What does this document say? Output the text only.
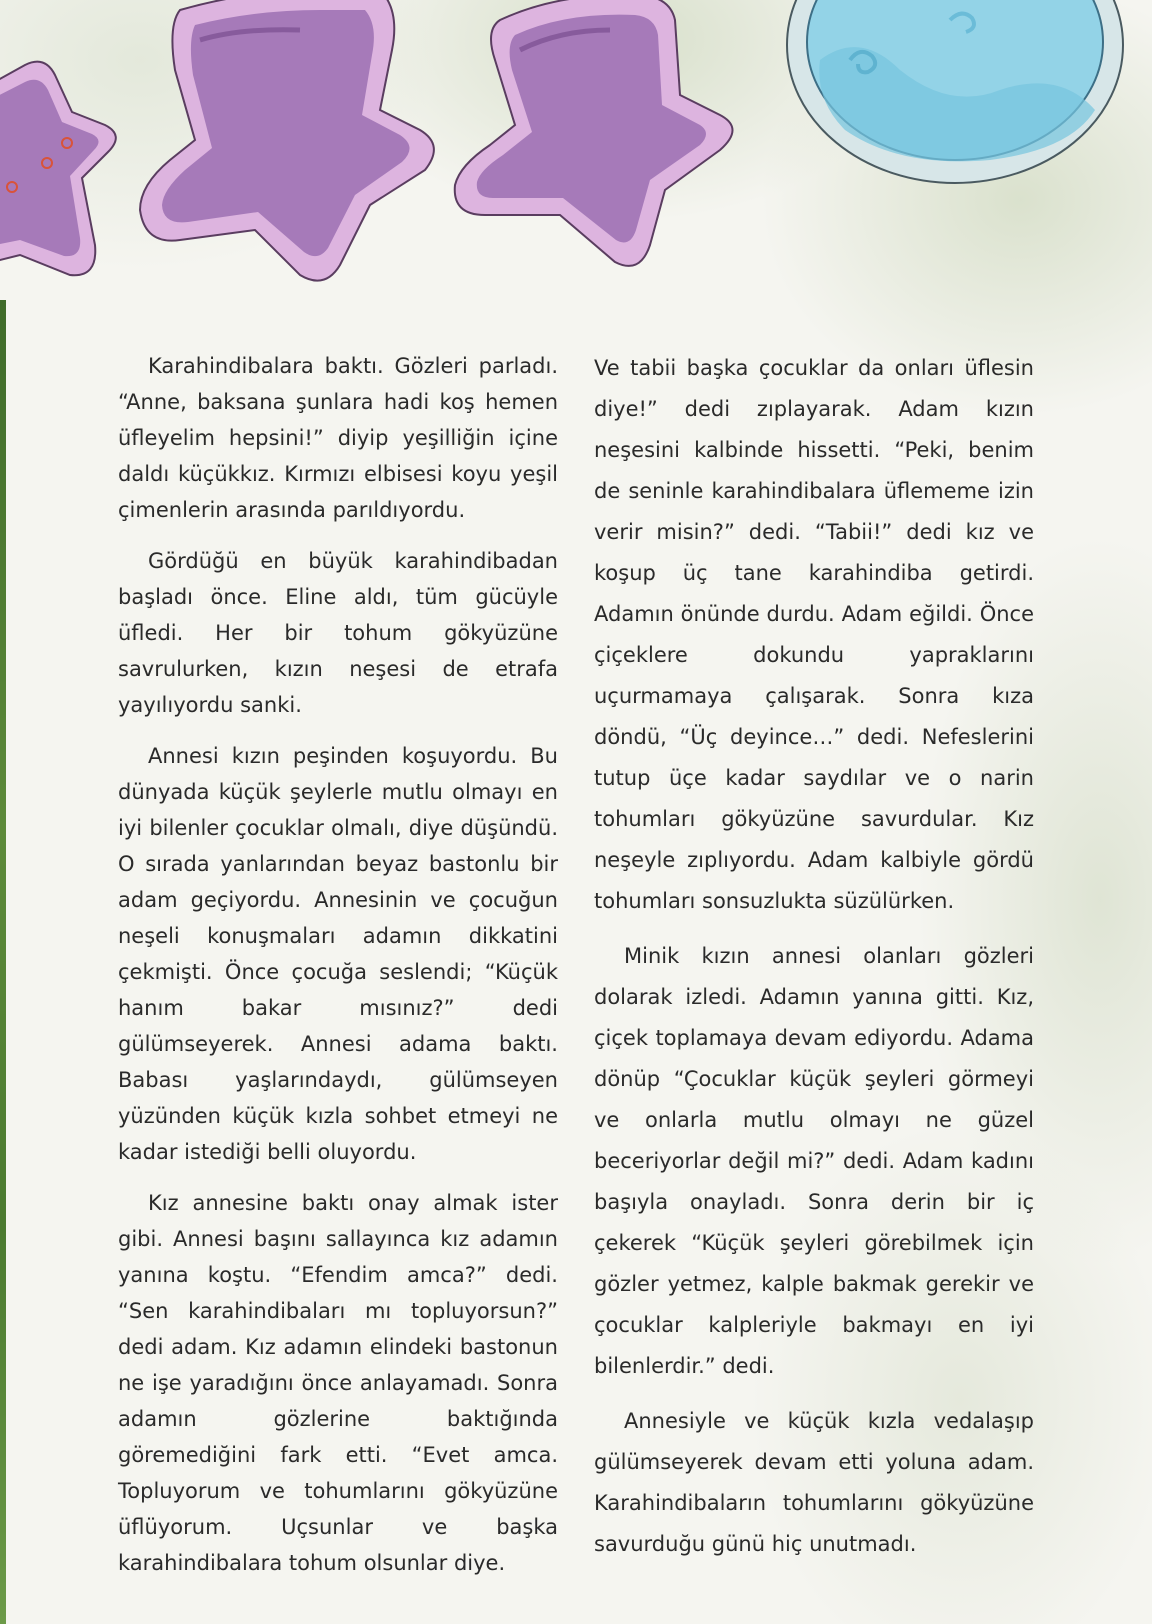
Karahindibalara baktı. Gözleri parladı. “Anne, baksana şunlara hadi koş hemen üfleyelim hepsini!” diyip yeşilliğin içine daldı küçükkız. Kırmızı elbisesi koyu yeşil çimenlerin arasında parıldıyordu.

Gördüğü en büyük karahindibadan başladı önce. Eline aldı, tüm gücüyle üfledi. Her bir tohum gökyüzüne savrulurken, kızın neşesi de etrafa yayılıyordu sanki.

Annesi kızın peşinden koşuyordu. Bu dünyada küçük şeylerle mutlu olmayı en iyi bilenler çocuklar olmalı, diye düşündü. O sırada yanlarından beyaz bastonlu bir adam geçiyordu. Annesinin ve çocuğun neşeli konuşmaları adamın dikkatini çekmişti. Önce çocuğa seslendi; “Küçük hanım bakar mısınız?” dedi gülümseyerek. Annesi adama baktı. Babası yaşlarındaydı, gülümseyen yüzünden küçük kızla sohbet etmeyi ne kadar istediği belli oluyordu.

Kız annesine baktı onay almak ister gibi. Annesi başını sallayınca kız adamın yanına koştu. “Efendim amca?” dedi. “Sen karahindibaları mı topluyorsun?” dedi adam. Kız adamın elindeki bastonun ne işe yaradığını önce anlayamadı. Sonra adamın gözlerine baktığında göremediğini fark etti. “Evet amca. Topluyorum ve tohumlarını gökyüzüne üflüyorum. Uçsunlar ve başka karahindibalara tohum olsunlar diye.

Ve tabii başka çocuklar da onları üflesin diye!” dedi zıplayarak. Adam kızın neşesini kalbinde hissetti. “Peki, benim de seninle karahindibalara üflememe izin verir misin?” dedi. “Tabii!” dedi kız ve koşup üç tane karahindiba getirdi. Adamın önünde durdu. Adam eğildi. Önce çiçeklere dokundu yapraklarını uçurmamaya çalışarak. Sonra kıza döndü, “Üç deyince…” dedi. Nefeslerini tutup üçe kadar saydılar ve o narin tohumları gökyüzüne savurdular. Kız neşeyle zıplıyordu. Adam kalbiyle gördü tohumları sonsuzlukta süzülürken.

Minik kızın annesi olanları gözleri dolarak izledi. Adamın yanına gitti. Kız, çiçek toplamaya devam ediyordu. Adama dönüp “Çocuklar küçük şeyleri görmeyi ve onlarla mutlu olmayı ne güzel beceriyorlar değil mi?” dedi. Adam kadını başıyla onayladı. Sonra derin bir iç çekerek “Küçük şeyleri görebilmek için gözler yetmez, kalple bakmak gerekir ve çocuklar kalpleriyle bakmayı en iyi bilenlerdir.” dedi.

Annesiyle ve küçük kızla vedalaşıp gülümseyerek devam etti yoluna adam. Karahindibaların tohumlarını gökyüzüne savurduğu günü hiç unutmadı.
